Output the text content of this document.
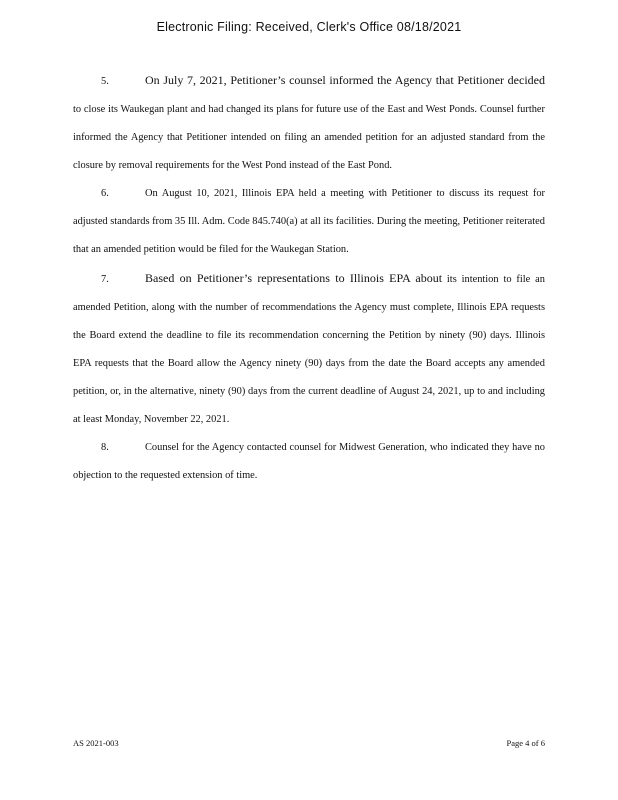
Electronic Filing: Received, Clerk's Office 08/18/2021

5.	On July 7, 2021, Petitioner’s counsel informed the Agency that Petitioner decided to close its Waukegan plant and had changed its plans for future use of the East and West Ponds. Counsel further informed the Agency that Petitioner intended on filing an amended petition for an adjusted standard from the closure by removal requirements for the West Pond instead of the East Pond.

6.	On August 10, 2021, Illinois EPA held a meeting with Petitioner to discuss its request for adjusted standards from 35 Ill. Adm. Code 845.740(a) at all its facilities. During the meeting, Petitioner reiterated that an amended petition would be filed for the Waukegan Station.

7.	Based on Petitioner’s representations to Illinois EPA about its intention to file an amended Petition, along with the number of recommendations the Agency must complete, Illinois EPA requests the Board extend the deadline to file its recommendation concerning the Petition by ninety (90) days. Illinois EPA requests that the Board allow the Agency ninety (90) days from the date the Board accepts any amended petition, or, in the alternative, ninety (90) days from the current deadline of August 24, 2021, up to and including at least Monday, November 22, 2021.

8.	Counsel for the Agency contacted counsel for Midwest Generation, who indicated they have no objection to the requested extension of time.

AS 2021-003	Page 4 of 6
